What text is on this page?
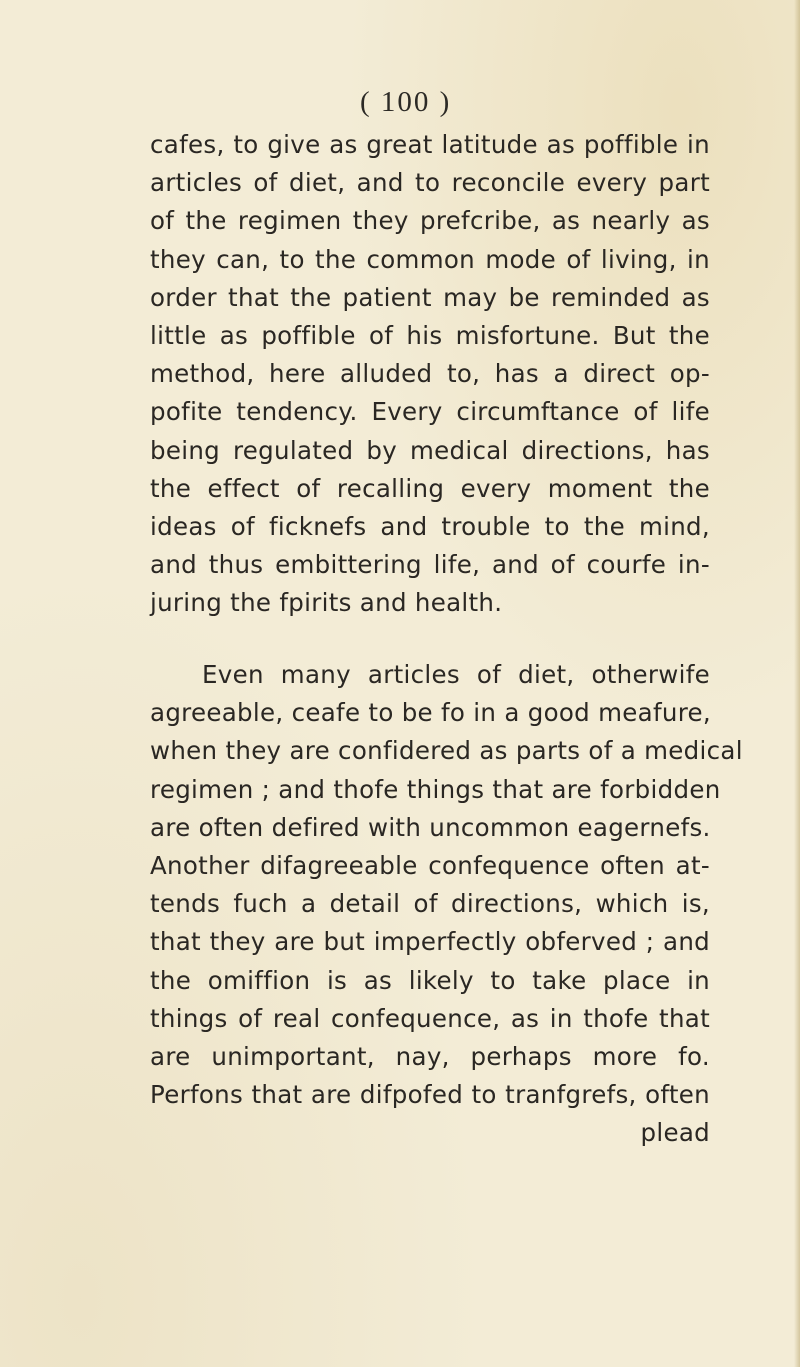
( 100 )
cafes, to give as great latitude as poffible in
articles of diet, and to reconcile every part
of the regimen they prefcribe, as nearly as
they can, to the common mode of living, in
order that the patient may be reminded as
little as poffible of his misfortune. But the
method, here alluded to, has a direct op-
pofite tendency. Every circumftance of life
being regulated by medical directions, has
the effect of recalling every moment the
ideas of ficknefs and trouble to the mind,
and thus embittering life, and of courfe in-
juring the fpirits and health.
Even many articles of diet, otherwife
agreeable, ceafe to be fo in a good meafure,
when they are confidered as parts of a medical
regimen ; and thofe things that are forbidden
are often defired with uncommon eagernefs.
Another difagreeable confequence often at-
tends fuch a detail of directions, which is,
that they are but imperfectly obferved ; and
the omiffion is as likely to take place in
things of real confequence, as in thofe that
are unimportant, nay, perhaps more fo.
Perfons that are difpofed to tranfgrefs, often
plead
